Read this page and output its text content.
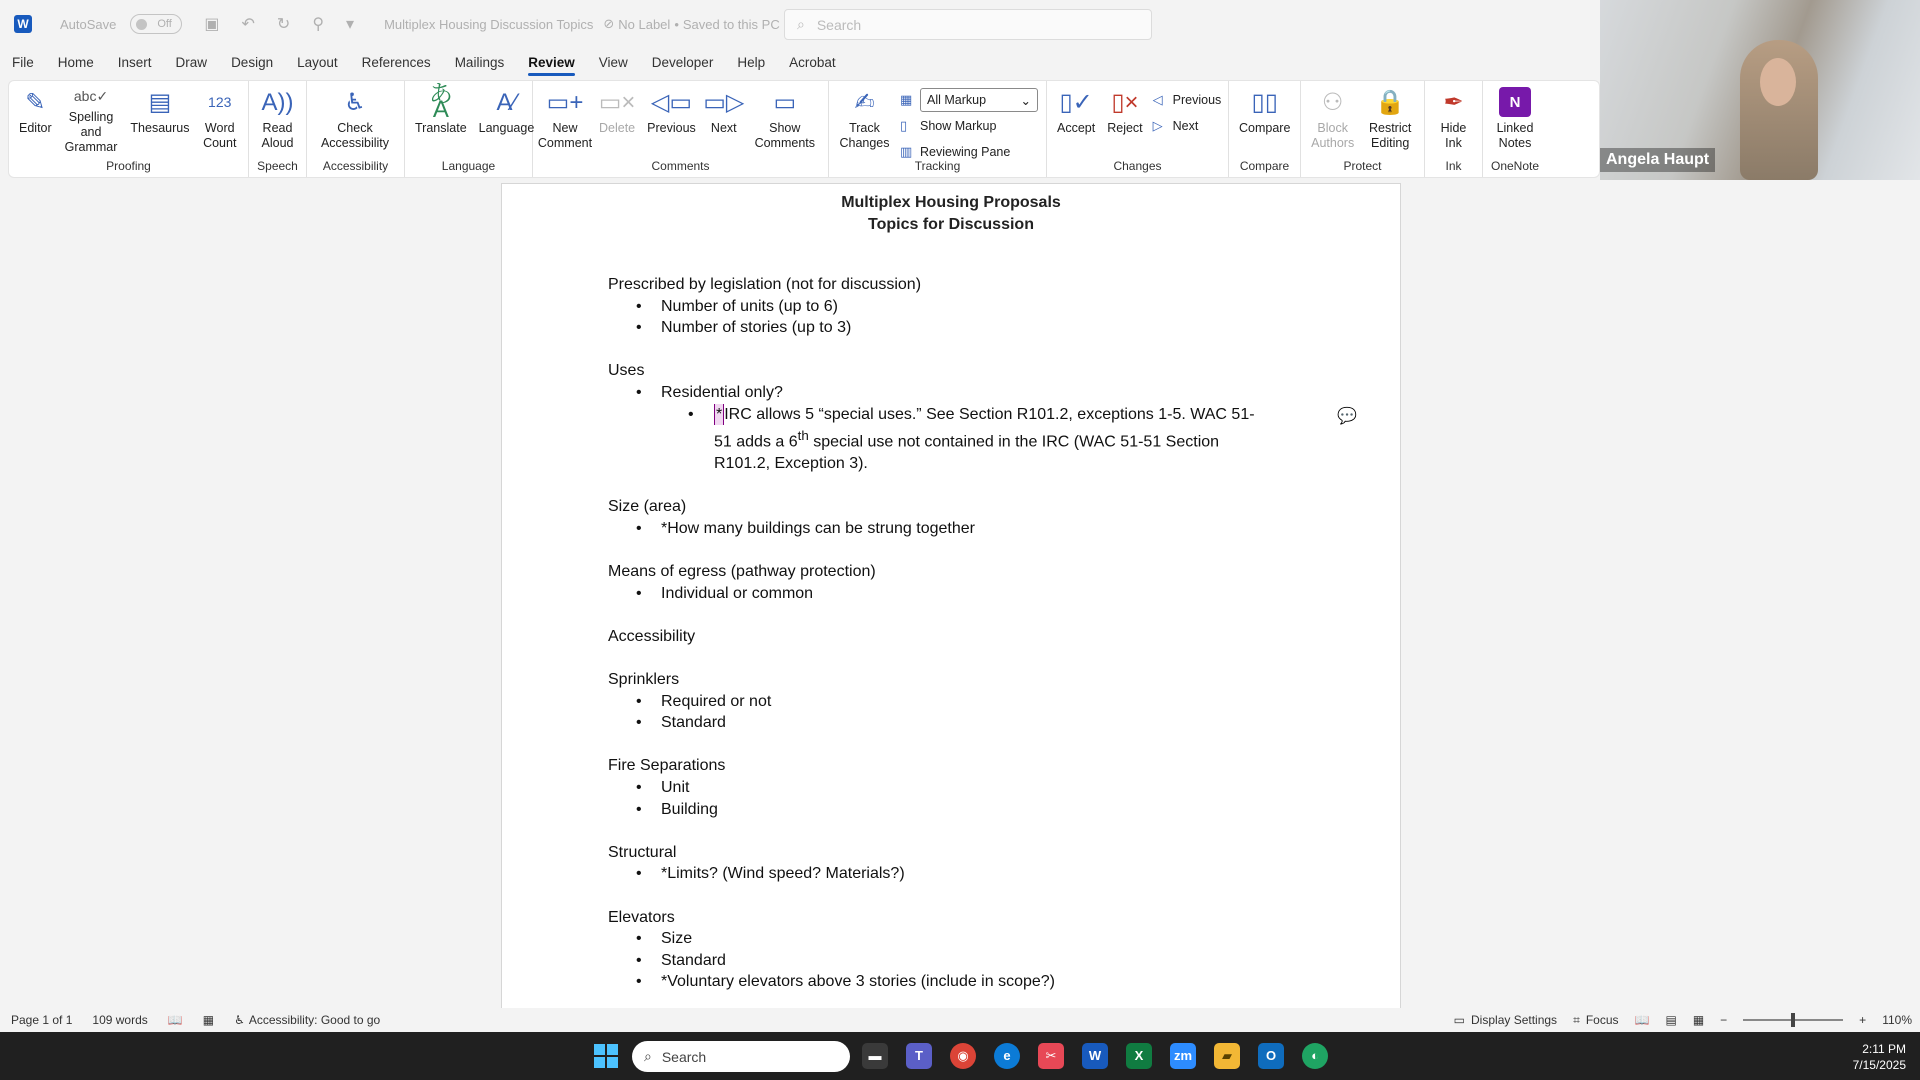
W AutoSave	Off	▣ ↶ ↻ ⚲ ▾ Multiplex Housing Discussion Topics ⊘ No Label • Saved to this PC ⌕ Search
File	Home	Insert	Draw	Design	Layout	References	Mailings	Review	View	Developer	Help	Acrobat
✎
Editor
abc✓
Spelling and Grammar
▤
Thesaurus
123
Word Count
Proofing
A))
Read Aloud
Speech
♿
Check Accessibility
Accessibility
あA
Translate
A⁄
Language
Language
▭+
New Comment
▭×
Delete
◁▭
Previous
▭▷
Next
▭
Show Comments
Comments
✍
Track Changes
▦ All Markup	⌄
▯	Show Markup
▥ Reviewing Pane
Tracking
▯✓
Accept
▯×
Reject
◁ Previous
▷ Next
Changes
▯▯
Compare
Compare
⚇
Block Authors
🔒
Restrict Editing
Protect
✒
Hide Ink
Ink
N
Linked Notes
OneNote	Angela Haupt
Multiplex Housing Proposals
Topics for Discussion
Prescribed by legislation (not for discussion)
• Number of units (up to 6)
• Number of stories (up to 3)
Uses
• Residential only?
• * IRC allows 5 “special uses.” See Section R101.2, exceptions 1-5. WAC 51-51 adds a 6th special use not contained in the IRC (WAC 51-51 Section R101.2, Exception 3).
Size (area)
• *How many buildings can be strung together
Means of egress (pathway protection)
• Individual or common
Accessibility
Sprinklers
• Required or not
• Standard
Fire Separations
• Unit
• Building
Structural
• *Limits? (Wind speed? Materials?)
Elevators
• Size
• Standard
• *Voluntary elevators above 3 stories (include in scope?)
💬
Page 1 of 1 109 words 📖 ▦ ♿ Accessibility: Good to go	▭ Display Settings ⌗ Focus 📖 ▤ ▦ −	+ 110%
⌕ Search	▬	T	◉	e	✂	W	X	zm	▰	O	◐	2:11 PM
7/15/2025
